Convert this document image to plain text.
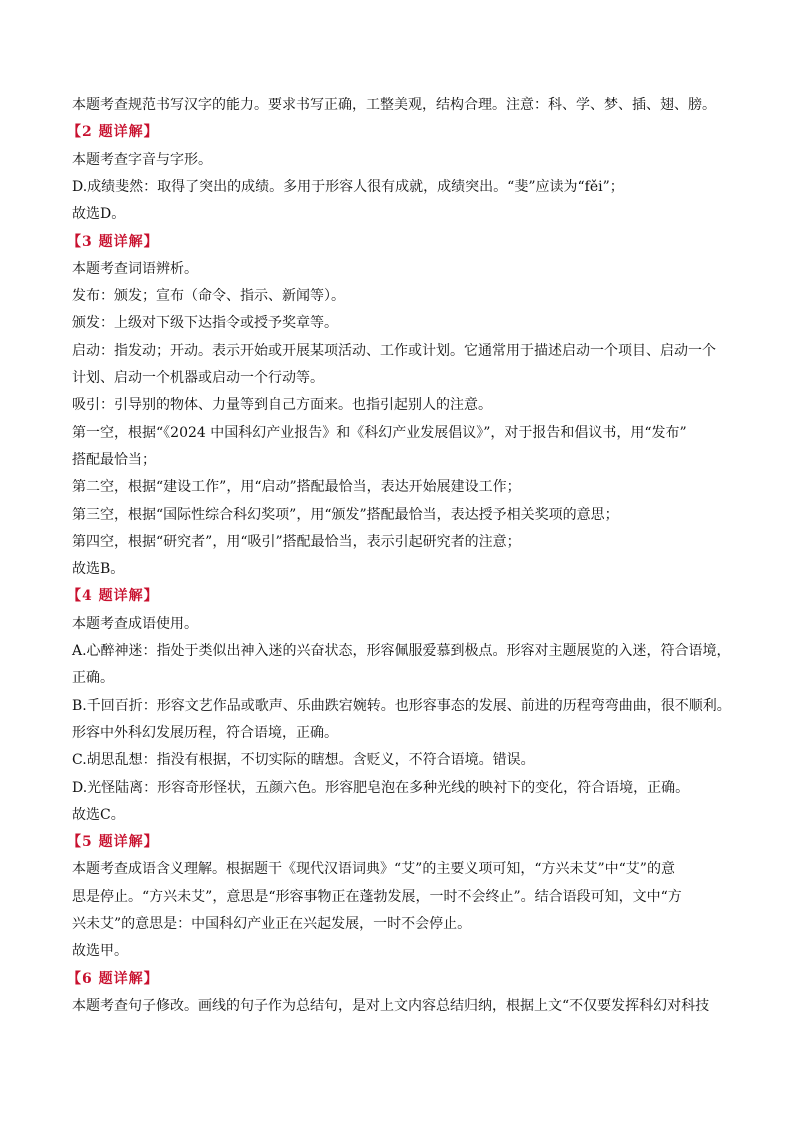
本题考查规范书写汉字的能力。要求书写正确，工整美观，结构合理。注意：科、学、梦、插、翅、膀。
【2 题详解】
本题考查字音与字形。
D.成绩斐然：取得了突出的成绩。多用于形容人很有成就，成绩突出。“斐”应读为“fěi”；
故选D。
【3 题详解】
本题考查词语辨析。
发布：颁发；宣布（命令、指示、新闻等）。
颁发：上级对下级下达指令或授予奖章等。
启动：指发动；开动。表示开始或开展某项活动、工作或计划。它通常用于描述启动一个项目、启动一个
计划、启动一个机器或启动一个行动等。
吸引：引导别的物体、力量等到自己方面来。也指引起别人的注意。
第一空，根据“《2024 中国科幻产业报告》和《科幻产业发展倡议》”，对于报告和倡议书，用“发布”
搭配最恰当；
第二空，根据“建设工作”，用“启动”搭配最恰当，表达开始展建设工作；
第三空，根据“国际性综合科幻奖项”，用“颁发”搭配最恰当，表达授予相关奖项的意思；
第四空，根据“研究者”，用“吸引”搭配最恰当，表示引起研究者的注意；
故选B。
【4 题详解】
本题考查成语使用。
A.心醉神迷：指处于类似出神入迷的兴奋状态，形容佩服爱慕到极点。形容对主题展览的入迷，符合语境，
正确。
B.千回百折：形容文艺作品或歌声、乐曲跌宕婉转。也形容事态的发展、前进的历程弯弯曲曲，很不顺利。
形容中外科幻发展历程，符合语境，正确。
C.胡思乱想：指没有根据，不切实际的瞎想。含贬义，不符合语境。错误。
D.光怪陆离：形容奇形怪状，五颜六色。形容肥皂泡在多种光线的映衬下的变化，符合语境，正确。
故选C。
【5 题详解】
本题考查成语含义理解。根据题干《现代汉语词典》“艾”的主要义项可知，“方兴未艾”中“艾”的意
思是停止。“方兴未艾”，意思是“形容事物正在蓬勃发展，一时不会终止”。结合语段可知，文中“方
兴未艾”的意思是：中国科幻产业正在兴起发展，一时不会停止。
故选甲。
【6 题详解】
本题考查句子修改。画线的句子作为总结句，是对上文内容总结归纳，根据上文“不仅要发挥科幻对科技
